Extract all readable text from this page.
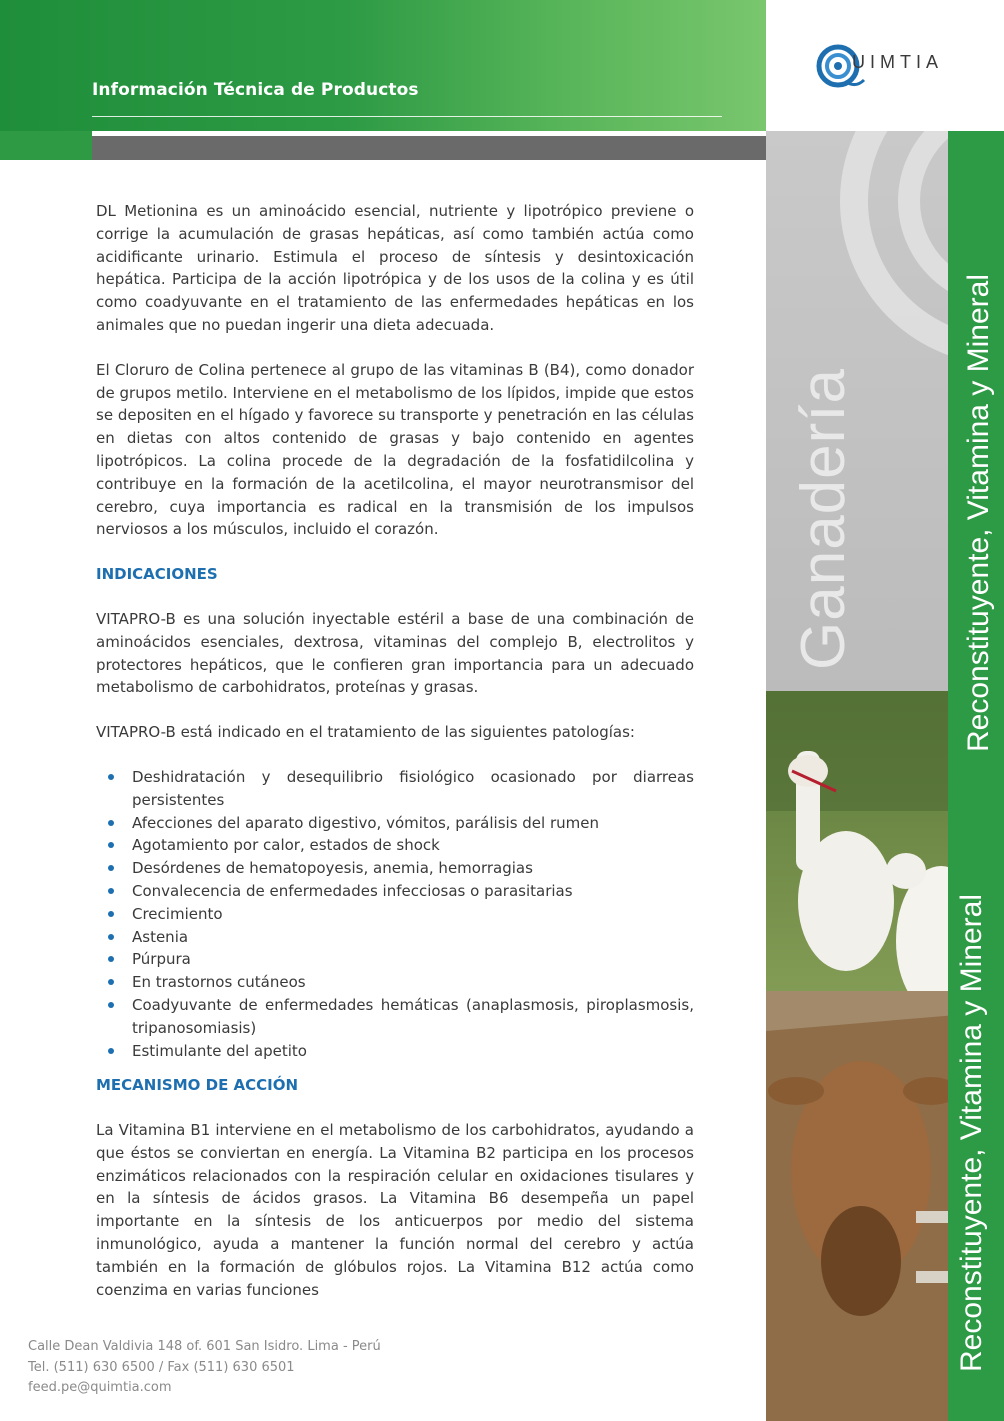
Información Técnica de Productos
UIMTIA
Ganadería
Reconstituyente, Vitamina y Mineral
Reconstituyente, Vitamina y Mineral

DL Metionina es un aminoácido esencial, nutriente y lipotrópico previene o corrige la acumulación de grasas hepáticas, así como también actúa como acidificante urinario. Estimula el proceso de síntesis y desintoxicación hepática. Participa de la acción lipotrópica y de los usos de la colina y es útil como coadyuvante en el tratamiento de las enfermedades hepáticas en los animales que no puedan ingerir una dieta adecuada.

El Cloruro de Colina pertenece al grupo de las vitaminas B (B4), como donador de grupos metilo. Interviene en el metabolismo de los lípidos, impide que estos se depositen en el hígado y favorece su transporte y penetración en las células en dietas con altos contenido de grasas y bajo contenido en agentes lipotrópicos. La colina procede de la degradación de la fosfatidilcolina y contribuye en la formación de la acetilcolina, el mayor neurotransmisor del cerebro, cuya importancia es radical en la transmisión de los impulsos nerviosos a los músculos, incluido el corazón.

INDICACIONES

VITAPRO-B es una solución inyectable estéril a base de una combinación de aminoácidos esenciales, dextrosa, vitaminas del complejo B, electrolitos y protectores hepáticos, que le confieren gran importancia para un adecuado metabolismo de carbohidratos, proteínas y grasas.

VITAPRO-B está indicado en el tratamiento de las siguientes patologías:

Deshidratación y desequilibrio fisiológico ocasionado por diarreas persistentes
Afecciones del aparato digestivo, vómitos, parálisis del rumen
Agotamiento por calor, estados de shock
Desórdenes de hematopoyesis, anemia, hemorragias
Convalecencia de enfermedades infecciosas o parasitarias
Crecimiento
Astenia
Púrpura
En trastornos cutáneos
Coadyuvante de enfermedades hemáticas (anaplasmosis, piroplasmosis, tripanosomiasis)
Estimulante del apetito
MECANISMO DE ACCIÓN

La Vitamina B1 interviene en el metabolismo de los carbohidratos, ayudando a que éstos se conviertan en energía. La Vitamina B2 participa en los procesos enzimáticos relacionados con la respiración celular en oxidaciones tisulares y en la síntesis de ácidos grasos. La Vitamina B6 desempeña un papel importante en la síntesis de los anticuerpos por medio del sistema inmunológico, ayuda a mantener la función normal del cerebro y actúa también en la formación de glóbulos rojos. La Vitamina B12 actúa como coenzima en varias funciones

Calle Dean Valdivia 148 of. 601 San Isidro. Lima - Perú
Tel. (511) 630 6500 / Fax (511) 630 6501
feed.pe@quimtia.com
